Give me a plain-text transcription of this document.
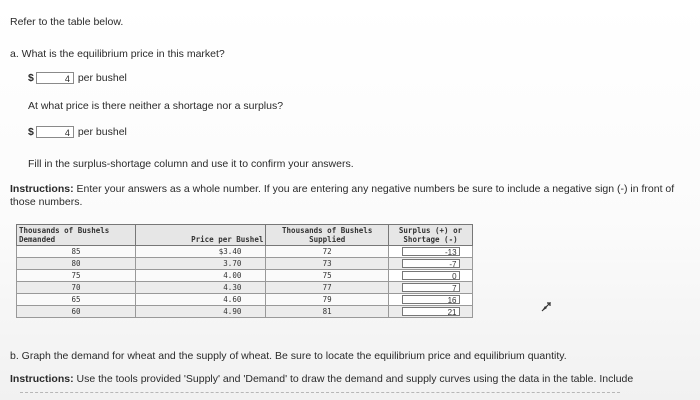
Refer to the table below.
a. What is the equilibrium price in this market?
$	4 per bushel
At what price is there neither a shortage nor a surplus?
$	4 per bushel
Fill in the surplus-shortage column and use it to confirm your answers.
Instructions: Enter your answers as a whole number. If you are entering any negative numbers be sure to include a negative sign (-) in front of those numbers.
Thousands of Bushels Demanded	Price per Bushel	Thousands of Bushels Supplied	Surplus (+) or Shortage (-)
85	$3.40	72	-13

80	3.70	73	-7

75	4.00	75	0

70	4.30	77	7

65	4.60	79	16

60	4.90	81	21
b. Graph the demand for wheat and the supply of wheat. Be sure to locate the equilibrium price and equilibrium quantity.
Instructions: Use the tools provided 'Supply' and 'Demand' to draw the demand and supply curves using the data in the table. Include
